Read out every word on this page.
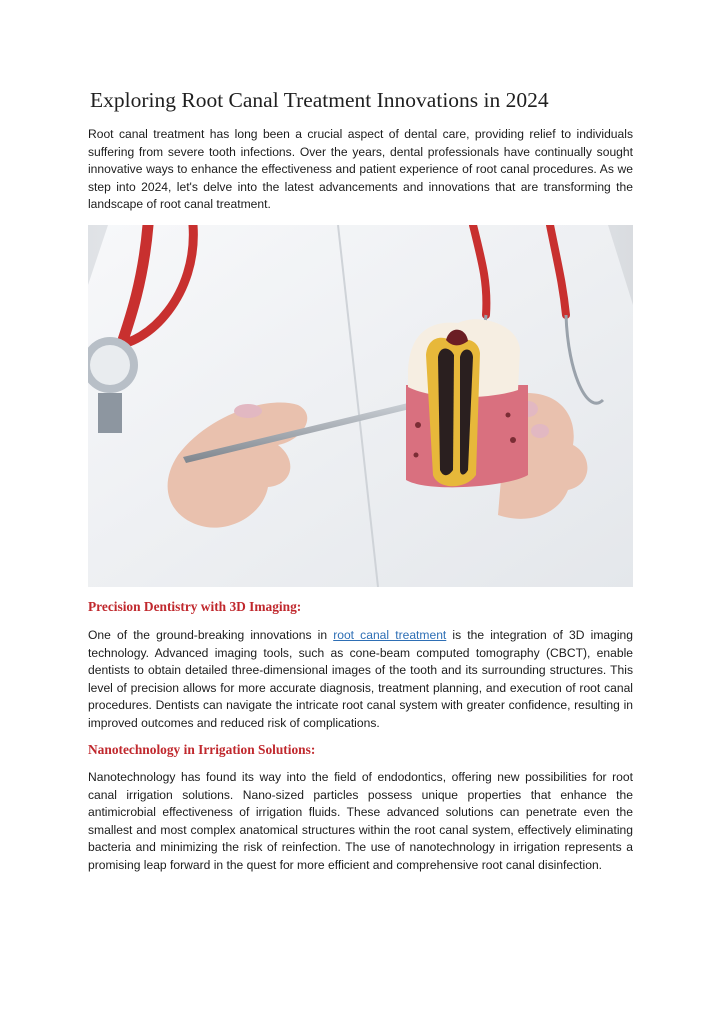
Exploring Root Canal Treatment Innovations in 2024

Root canal treatment has long been a crucial aspect of dental care, providing relief to individuals suffering from severe tooth infections. Over the years, dental professionals have continually sought innovative ways to enhance the effectiveness and patient experience of root canal procedures. As we step into 2024, let's delve into the latest advancements and innovations that are transforming the landscape of root canal treatment.

Precision Dentistry with 3D Imaging:

One of the ground-breaking innovations in root canal treatment is the integration of 3D imaging technology. Advanced imaging tools, such as cone-beam computed tomography (CBCT), enable dentists to obtain detailed three-dimensional images of the tooth and its surrounding structures. This level of precision allows for more accurate diagnosis, treatment planning, and execution of root canal procedures. Dentists can navigate the intricate root canal system with greater confidence, resulting in improved outcomes and reduced risk of complications.

Nanotechnology in Irrigation Solutions:

Nanotechnology has found its way into the field of endodontics, offering new possibilities for root canal irrigation solutions. Nano-sized particles possess unique properties that enhance the antimicrobial effectiveness of irrigation fluids. These advanced solutions can penetrate even the smallest and most complex anatomical structures within the root canal system, effectively eliminating bacteria and minimizing the risk of reinfection. The use of nanotechnology in irrigation represents a promising leap forward in the quest for more efficient and comprehensive root canal disinfection.
